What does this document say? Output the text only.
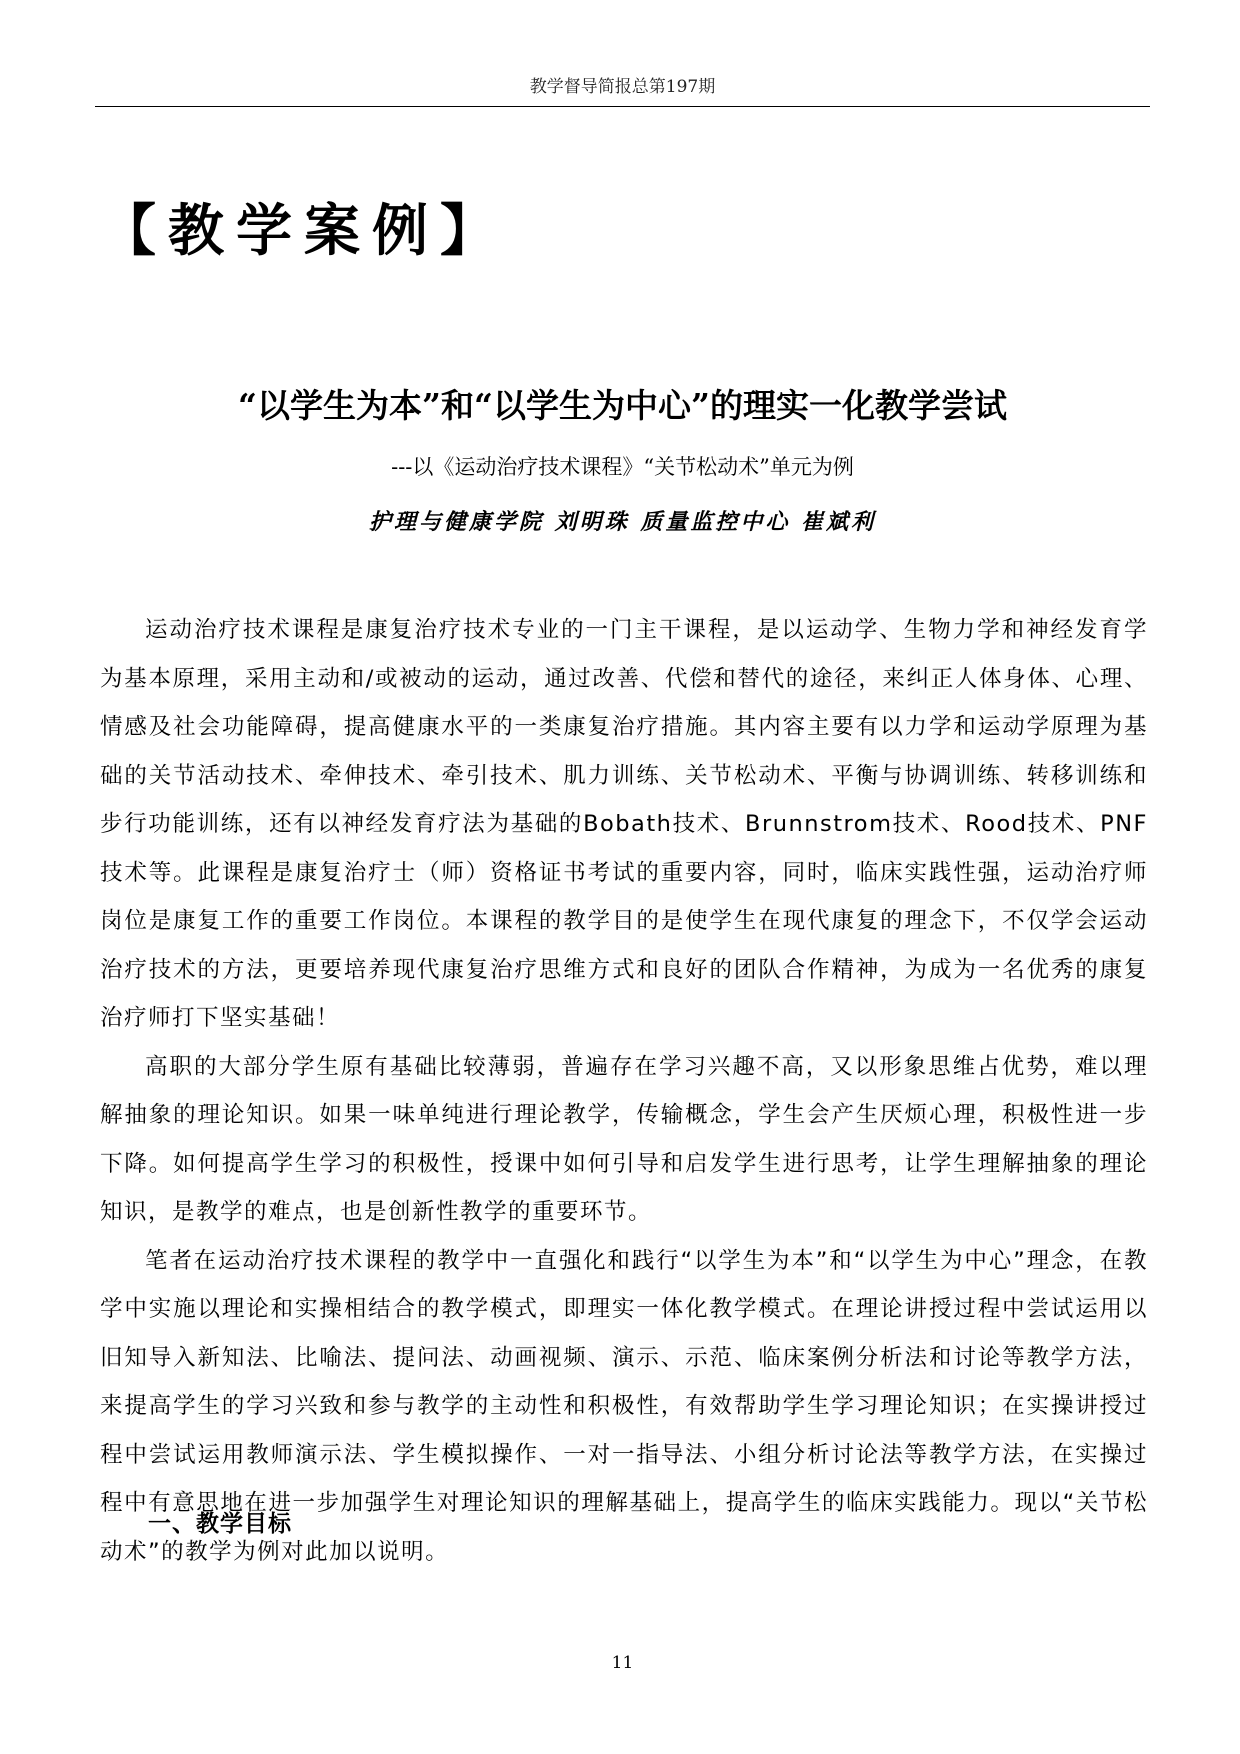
教学督导简报总第197期
【教学案例】
“以学生为本”和“以学生为中心”的理实一化教学尝试
---以《运动治疗技术课程》“关节松动术”单元为例
护理与健康学院 刘明珠 质量监控中心 崔斌利

运动治疗技术课程是康复治疗技术专业的一门主干课程，是以运动学、生物力学和神经发育学为基本原理，采用主动和/或被动的运动，通过改善、代偿和替代的途径，来纠正人体身体、心理、情感及社会功能障碍，提高健康水平的一类康复治疗措施。其内容主要有以力学和运动学原理为基础的关节活动技术、牵伸技术、牵引技术、肌力训练、关节松动术、平衡与协调训练、转移训练和步行功能训练，还有以神经发育疗法为基础的Bobath技术、Brunnstrom技术、Rood技术、PNF技术等。此课程是康复治疗士（师）资格证书考试的重要内容，同时，临床实践性强，运动治疗师岗位是康复工作的重要工作岗位。本课程的教学目的是使学生在现代康复的理念下，不仅学会运动治疗技术的方法，更要培养现代康复治疗思维方式和良好的团队合作精神，为成为一名优秀的康复治疗师打下坚实基础！

高职的大部分学生原有基础比较薄弱，普遍存在学习兴趣不高，又以形象思维占优势，难以理解抽象的理论知识。如果一味单纯进行理论教学，传输概念，学生会产生厌烦心理，积极性进一步下降。如何提高学生学习的积极性，授课中如何引导和启发学生进行思考，让学生理解抽象的理论知识，是教学的难点，也是创新性教学的重要环节。

笔者在运动治疗技术课程的教学中一直强化和践行“以学生为本”和“以学生为中心”理念，在教学中实施以理论和实操相结合的教学模式，即理实一体化教学模式。在理论讲授过程中尝试运用以旧知导入新知法、比喻法、提问法、动画视频、演示、示范、临床案例分析法和讨论等教学方法，来提高学生的学习兴致和参与教学的主动性和积极性，有效帮助学生学习理论知识；在实操讲授过程中尝试运用教师演示法、学生模拟操作、一对一指导法、小组分析讨论法等教学方法，在实操过程中有意思地在进一步加强学生对理论知识的理解基础上，提高学生的临床实践能力。现以“关节松动术”的教学为例对此加以说明。

一、教学目标
11
